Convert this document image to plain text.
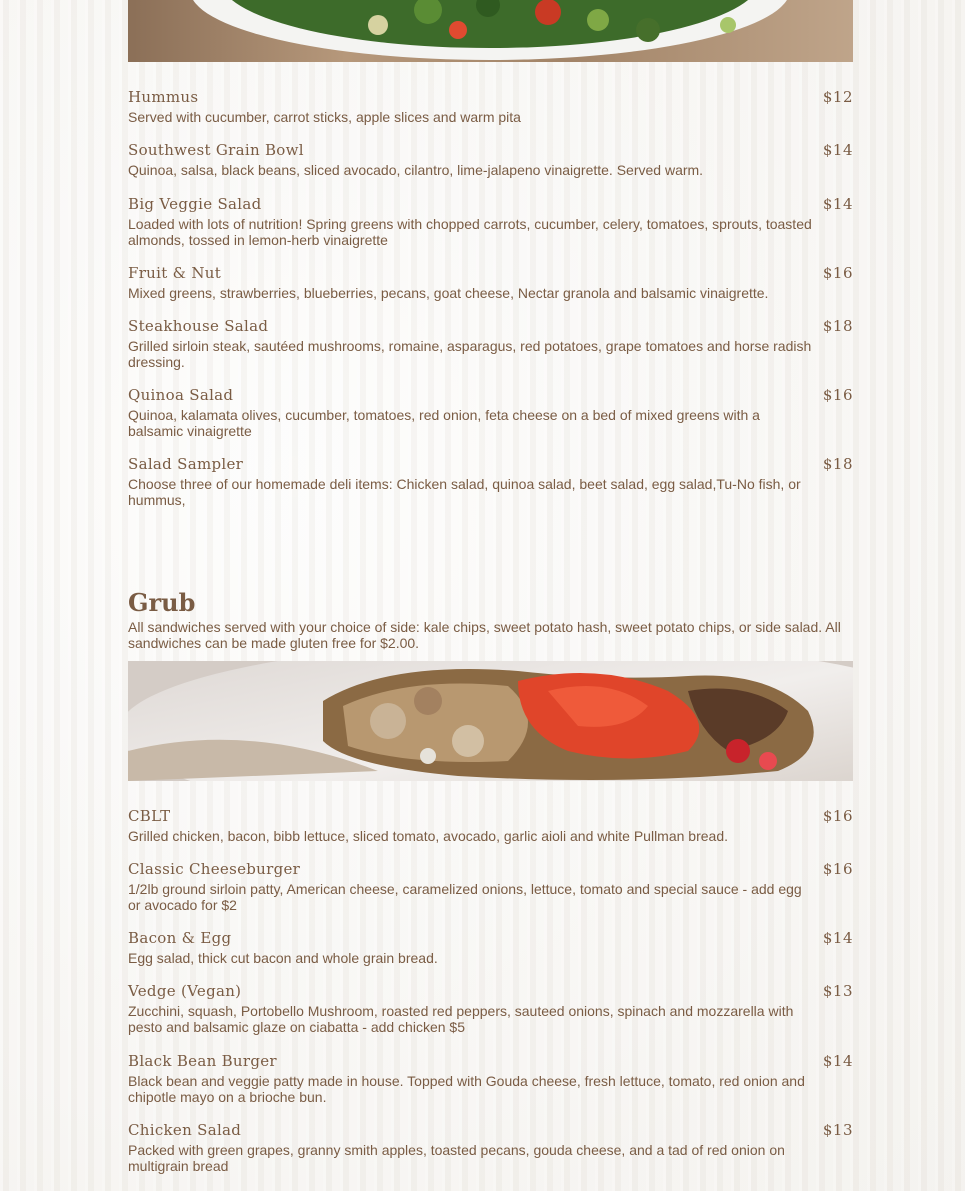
Hummus	$12
Served with cucumber, carrot sticks, apple slices and warm pita
Southwest Grain Bowl	$14
Quinoa, salsa, black beans, sliced avocado, cilantro, lime-jalapeno vinaigrette. Served warm.
Big Veggie Salad	$14
Loaded with lots of nutrition! Spring greens with chopped carrots, cucumber, celery, tomatoes, sprouts, toasted almonds, tossed in lemon-herb vinaigrette
Fruit & Nut	$16
Mixed greens, strawberries, blueberries, pecans, goat cheese, Nectar granola and balsamic vinaigrette.
Steakhouse Salad	$18
Grilled sirloin steak, sautéed mushrooms, romaine, asparagus, red potatoes, grape tomatoes and horse radish dressing.
Quinoa Salad	$16
Quinoa, kalamata olives, cucumber, tomatoes, red onion, feta cheese on a bed of mixed greens with a balsamic vinaigrette
Salad Sampler	$18
Choose three of our homemade deli items: Chicken salad, quinoa salad, beet salad, egg salad,Tu-No fish, or hummus,
Grub
All sandwiches served with your choice of side: kale chips, sweet potato hash, sweet potato chips, or side salad. All sandwiches can be made gluten free for $2.00.
CBLT	$16
Grilled chicken, bacon, bibb lettuce, sliced tomato, avocado, garlic aioli and white Pullman bread.
Classic Cheeseburger	$16
1/2lb ground sirloin patty, American cheese, caramelized onions, lettuce, tomato and special sauce - add egg or avocado for $2
Bacon & Egg	$14
Egg salad, thick cut bacon and whole grain bread.
Vedge (Vegan)	$13
Zucchini, squash, Portobello Mushroom, roasted red peppers, sauteed onions, spinach and mozzarella with pesto and balsamic glaze on ciabatta - add chicken $5
Black Bean Burger	$14
Black bean and veggie patty made in house. Topped with Gouda cheese, fresh lettuce, tomato, red onion and chipotle mayo on a brioche bun.
Chicken Salad	$13
Packed with green grapes, granny smith apples, toasted pecans, gouda cheese, and a tad of red onion on multigrain bread
